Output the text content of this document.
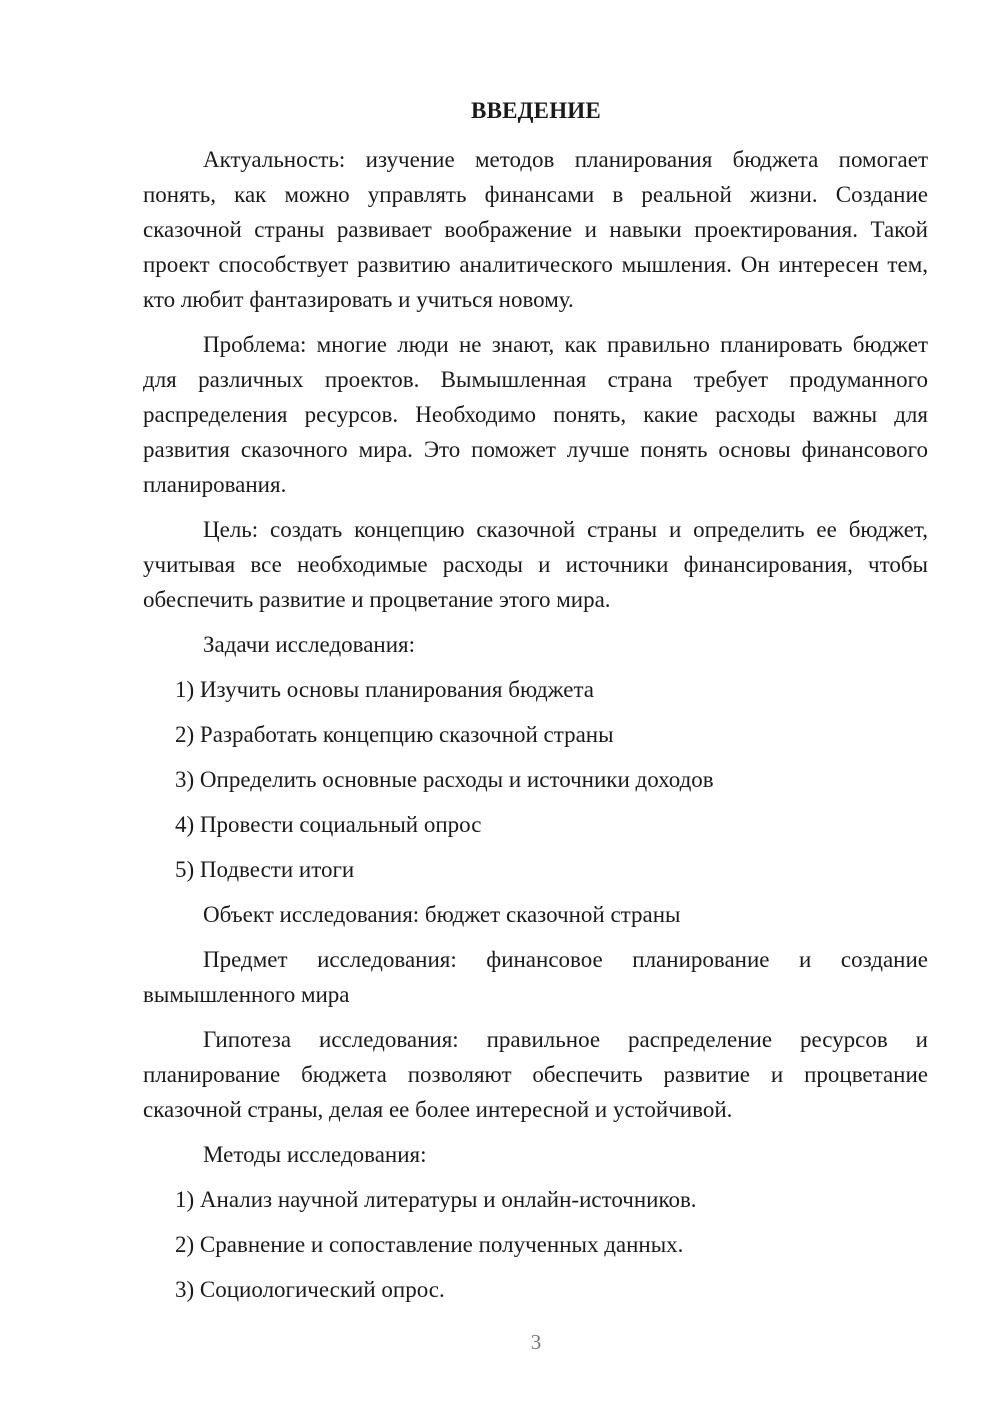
ВВЕДЕНИЕ

Актуальность: изучение методов планирования бюджета помогает понять, как можно управлять финансами в реальной жизни. Создание сказочной страны развивает воображение и навыки проектирования. Такой проект способствует развитию аналитического мышления. Он интересен тем, кто любит фантазировать и учиться новому.

Проблема: многие люди не знают, как правильно планировать бюджет для различных проектов. Вымышленная страна требует продуманного распределения ресурсов. Необходимо понять, какие расходы важны для развития сказочного мира. Это поможет лучше понять основы финансового планирования.

Цель: создать концепцию сказочной страны и определить ее бюджет, учитывая все необходимые расходы и источники финансирования, чтобы обеспечить развитие и процветание этого мира.

Задачи исследования:

1) Изучить основы планирования бюджета

2) Разработать концепцию сказочной страны

3) Определить основные расходы и источники доходов

4) Провести социальный опрос

5) Подвести итоги

Объект исследования: бюджет сказочной страны

Предмет исследования: финансовое планирование и создание вымышленного мира

Гипотеза исследования: правильное распределение ресурсов и планирование бюджета позволяют обеспечить развитие и процветание сказочной страны, делая ее более интересной и устойчивой.

Методы исследования:

1) Анализ научной литературы и онлайн-источников.

2) Сравнение и сопоставление полученных данных.

3) Социологический опрос.

3
